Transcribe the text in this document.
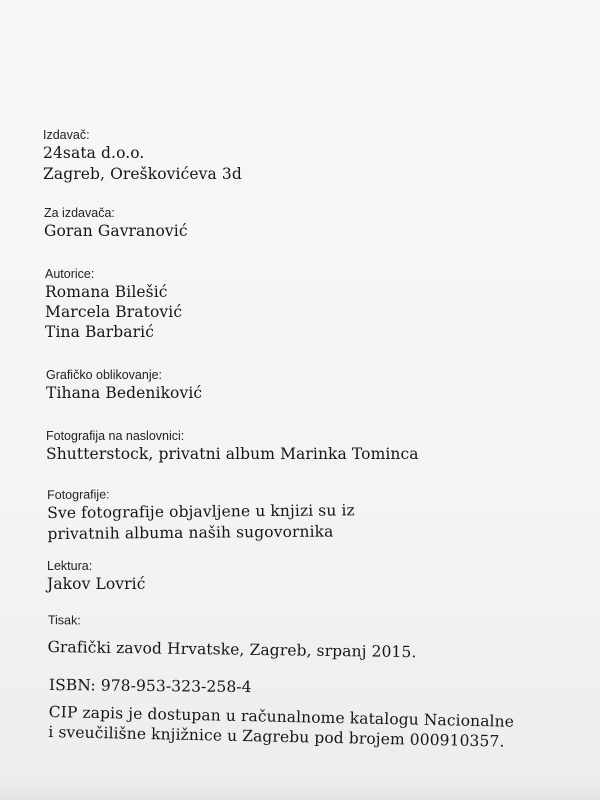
Izdavač:
24sata d.o.o.
Zagreb, Oreškovićeva 3d
Za izdavača:
Goran Gavranović
Autorice:
Romana Bilešić
Marcela Bratović
Tina Barbarić
Grafičko oblikovanje:
Tihana Bedeniković
Fotografija na naslovnici:
Shutterstock, privatni album Marinka Tominca
Fotografije:
Sve fotografije objavljene u knjizi su iz
privatnih albuma naših sugovornika
Lektura:
Jakov Lovrić
Tisak:
Grafički zavod Hrvatske, Zagreb, srpanj 2015.
ISBN: 978-953-323-258-4
CIP zapis je dostupan u računalnome katalogu Nacionalne
i sveučilišne knjižnice u Zagrebu pod brojem 000910357.
